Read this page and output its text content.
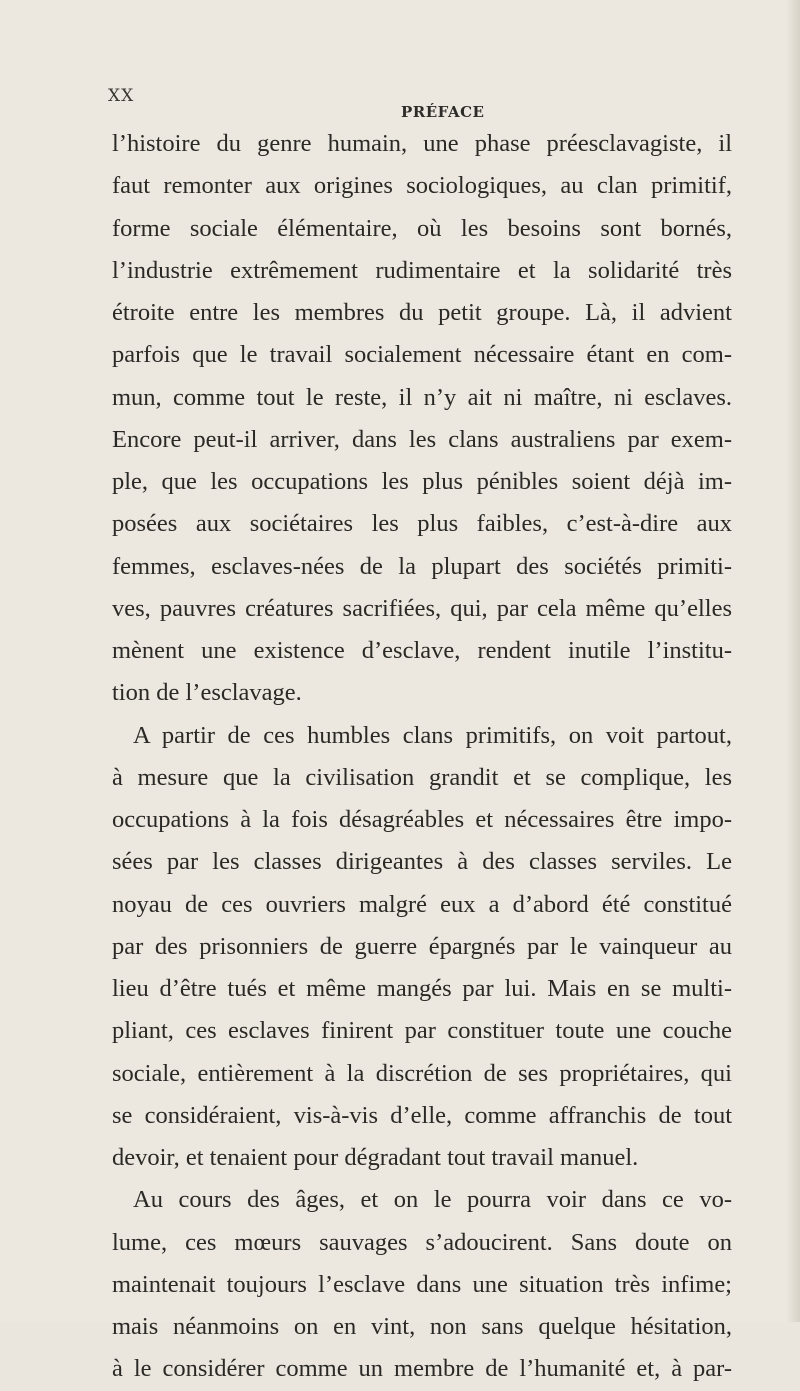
XX
PRÉFACE
l’histoire du genre humain, une phase préesclavagiste, il
faut remonter aux origines sociologiques, au clan primitif,
forme sociale élémentaire, où les besoins sont bornés,
l’industrie extrêmement rudimentaire et la solidarité très
étroite entre les membres du petit groupe. Là, il advient
parfois que le travail socialement nécessaire étant en com-
mun, comme tout le reste, il n’y ait ni maître, ni esclaves.
Encore peut-il arriver, dans les clans australiens par exem-
ple, que les occupations les plus pénibles soient déjà im-
posées aux sociétaires les plus faibles, c’est-à-dire aux
femmes, esclaves-nées de la plupart des sociétés primiti-
ves, pauvres créatures sacrifiées, qui, par cela même qu’elles
mènent une existence d’esclave, rendent inutile l’institu-
tion de l’esclavage.
A partir de ces humbles clans primitifs, on voit partout,
à mesure que la civilisation grandit et se complique, les
occupations à la fois désagréables et nécessaires être impo-
sées par les classes dirigeantes à des classes serviles. Le
noyau de ces ouvriers malgré eux a d’abord été constitué
par des prisonniers de guerre épargnés par le vainqueur au
lieu d’être tués et même mangés par lui. Mais en se multi-
pliant, ces esclaves finirent par constituer toute une couche
sociale, entièrement à la discrétion de ses propriétaires, qui
se considéraient, vis-à-vis d’elle, comme affranchis de tout
devoir, et tenaient pour dégradant tout travail manuel.
Au cours des âges, et on le pourra voir dans ce vo-
lume, ces mœurs sauvages s’adoucirent. Sans doute on
maintenait toujours l’esclave dans une situation très infime;
mais néanmoins on en vint, non sans quelque hésitation,
à le considérer comme un membre de l’humanité et, à par-
